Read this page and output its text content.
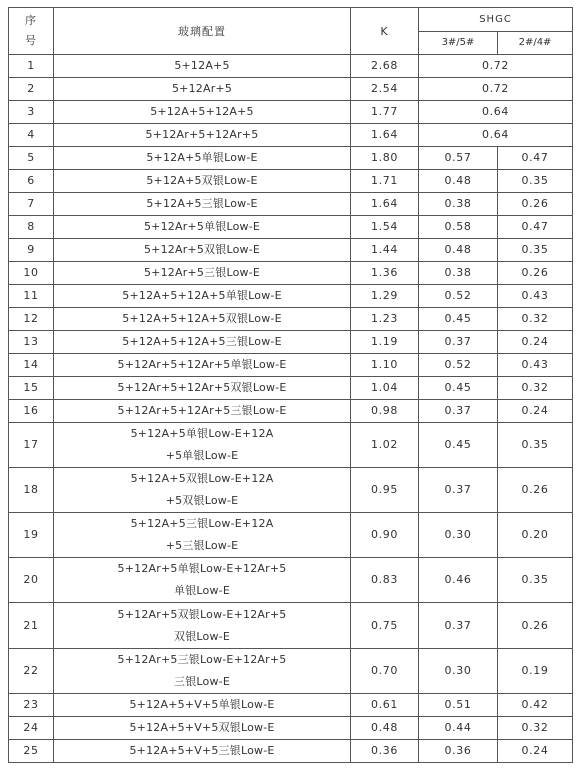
序
号	玻璃配置	K	SHGC	
			3#/5#	2#/4#
1	5+12A+5	2.68	0.72	
2	5+12Ar+5	2.54	0.72	
3	5+12A+5+12A+5	1.77	0.64	
4	5+12Ar+5+12Ar+5	1.64	0.64	
5	5+12A+5单银Low-E	1.80	0.57	0.47
6	5+12A+5双银Low-E	1.71	0.48	0.35
7	5+12A+5三银Low-E	1.64	0.38	0.26
8	5+12Ar+5单银Low-E	1.54	0.58	0.47
9	5+12Ar+5双银Low-E	1.44	0.48	0.35
10	5+12Ar+5三银Low-E	1.36	0.38	0.26
11	5+12A+5+12A+5单银Low-E	1.29	0.52	0.43
12	5+12A+5+12A+5双银Low-E	1.23	0.45	0.32
13	5+12A+5+12A+5三银Low-E	1.19	0.37	0.24
14	5+12Ar+5+12Ar+5单银Low-E	1.10	0.52	0.43
15	5+12Ar+5+12Ar+5双银Low-E	1.04	0.45	0.32
16	5+12Ar+5+12Ar+5三银Low-E	0.98	0.37	0.24
17	5+12A+5单银Low-E+12A
+5单银Low-E	1.02	0.45	0.35
18	5+12A+5双银Low-E+12A
+5双银Low-E	0.95	0.37	0.26
19	5+12A+5三银Low-E+12A
+5三银Low-E	0.90	0.30	0.20
20	5+12Ar+5单银Low-E+12Ar+5
单银Low-E	0.83	0.46	0.35
21	5+12Ar+5双银Low-E+12Ar+5
双银Low-E	0.75	0.37	0.26
22	5+12Ar+5三银Low-E+12Ar+5
三银Low-E	0.70	0.30	0.19
23	5+12A+5+V+5单银Low-E	0.61	0.51	0.42
24	5+12A+5+V+5双银Low-E	0.48	0.44	0.32
25	5+12A+5+V+5三银Low-E	0.36	0.36	0.24
